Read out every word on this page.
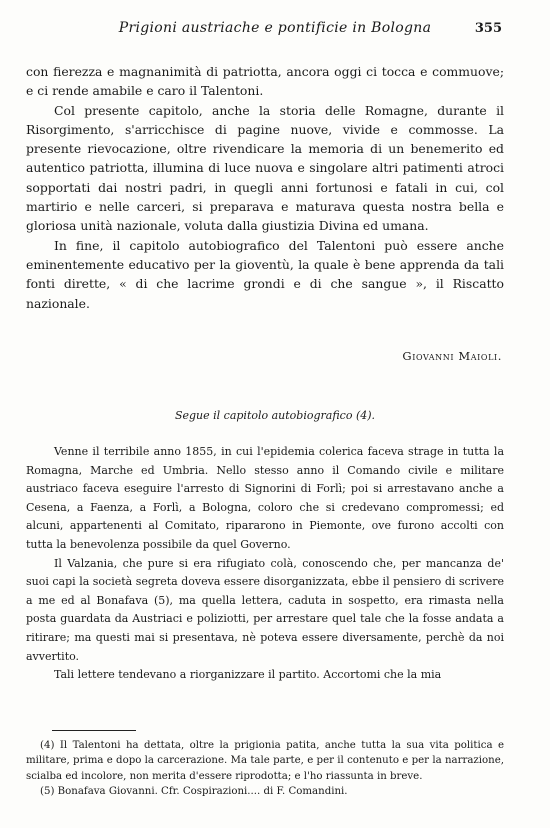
Prigioni austriache e pontificie in Bologna	355

con fierezza e magnanimità di patriotta, ancora oggi ci tocca e commuove; e ci rende amabile e caro il Talentoni.

Col presente capitolo, anche la storia delle Romagne, durante il Risorgimento, s'arricchisce di pagine nuove, vivide e commosse. La presente rievocazione, oltre rivendicare la memoria di un benemerito ed autentico patriotta, illumina di luce nuova e singolare altri patimenti atroci sopportati dai nostri padri, in quegli anni fortunosi e fatali in cui, col martirio e nelle carceri, si preparava e maturava questa nostra bella e gloriosa unità nazionale, voluta dalla giustizia Divina ed umana.

In fine, il capitolo autobiografico del Talentoni può essere anche eminentemente educativo per la gioventù, la quale è bene apprenda da tali fonti dirette, « di che lacrime grondi e di che sangue », il Riscatto nazionale.

Giovanni Maioli.
Segue il capitolo autobiografico (4).

Venne il terribile anno 1855, in cui l'epidemia colerica faceva strage in tutta la Romagna, Marche ed Umbria. Nello stesso anno il Comando civile e militare austriaco faceva eseguire l'arresto di Signorini di Forlì; poi si arrestavano anche a Cesena, a Faenza, a Forlì, a Bologna, coloro che si credevano compromessi; ed alcuni, appartenenti al Comitato, ripararono in Piemonte, ove furono accolti con tutta la benevolenza possibile da quel Governo.

Il Valzania, che pure si era rifugiato colà, conoscendo che, per mancanza de' suoi capi la società segreta doveva essere disorganizzata, ebbe il pensiero di scrivere a me ed al Bonafava (5), ma quella lettera, caduta in sospetto, era rimasta nella posta guardata da Austriaci e poliziotti, per arrestare quel tale che la fosse andata a ritirare; ma questi mai si presentava, nè poteva essere diversamente, perchè da noi avvertito.

Tali lettere tendevano a riorganizzare il partito. Accortomi che la mia

(4) Il Talentoni ha dettata, oltre la prigionia patita, anche tutta la sua vita politica e militare, prima e dopo la carcerazione. Ma tale parte, e per il contenuto e per la narrazione, scialba ed incolore, non merita d'essere riprodotta; e l'ho riassunta in breve.

(5) Bonafava Giovanni. Cfr. Cospirazioni.... di F. Comandini.
